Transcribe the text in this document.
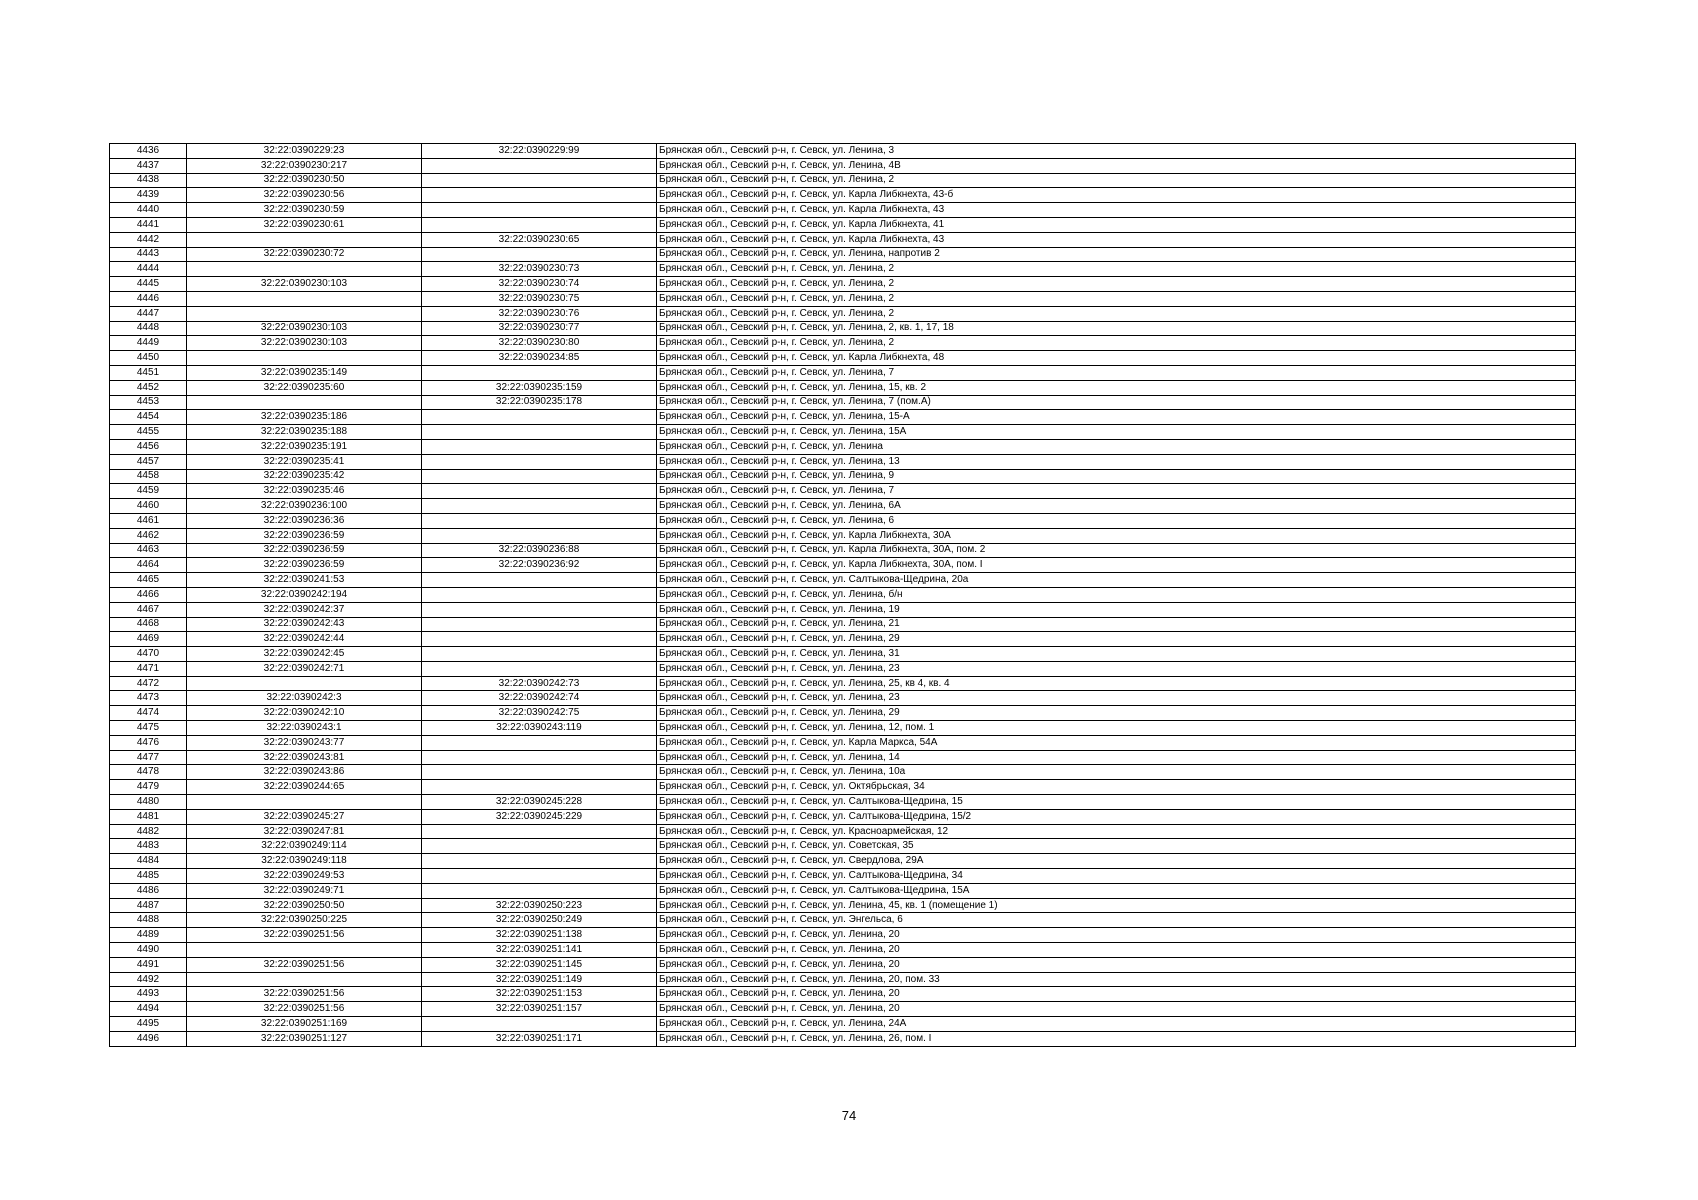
4436	32:22:0390229:23	32:22:0390229:99	Брянская обл., Севский р-н, г. Севск, ул. Ленина, 3
4437	32:22:0390230:217		Брянская обл., Севский р-н, г. Севск, ул. Ленина, 4В
4438	32:22:0390230:50		Брянская обл., Севский р-н, г. Севск, ул. Ленина, 2
4439	32:22:0390230:56		Брянская обл., Севский р-н, г. Севск, ул. Карла Либкнехта, 43-б
4440	32:22:0390230:59		Брянская обл., Севский р-н, г. Севск, ул. Карла Либкнехта, 43
4441	32:22:0390230:61		Брянская обл., Севский р-н, г. Севск, ул. Карла Либкнехта, 41
4442		32:22:0390230:65	Брянская обл., Севский р-н, г. Севск, ул. Карла Либкнехта, 43
4443	32:22:0390230:72		Брянская обл., Севский р-н, г. Севск, ул. Ленина, напротив 2
4444		32:22:0390230:73	Брянская обл., Севский р-н, г. Севск, ул. Ленина, 2
4445	32:22:0390230:103	32:22:0390230:74	Брянская обл., Севский р-н, г. Севск, ул. Ленина, 2
4446		32:22:0390230:75	Брянская обл., Севский р-н, г. Севск, ул. Ленина, 2
4447		32:22:0390230:76	Брянская обл., Севский р-н, г. Севск, ул. Ленина, 2
4448	32:22:0390230:103	32:22:0390230:77	Брянская обл., Севский р-н, г. Севск, ул. Ленина, 2, кв. 1, 17, 18
4449	32:22:0390230:103	32:22:0390230:80	Брянская обл., Севский р-н, г. Севск, ул. Ленина, 2
4450		32:22:0390234:85	Брянская обл., Севский р-н, г. Севск, ул. Карла Либкнехта, 48
4451	32:22:0390235:149		Брянская обл., Севский р-н, г. Севск, ул. Ленина, 7
4452	32:22:0390235:60	32:22:0390235:159	Брянская обл., Севский р-н, г. Севск, ул. Ленина, 15, кв. 2
4453		32:22:0390235:178	Брянская обл., Севский р-н, г. Севск, ул. Ленина, 7 (пом.А)
4454	32:22:0390235:186		Брянская обл., Севский р-н, г. Севск, ул. Ленина, 15-А
4455	32:22:0390235:188		Брянская обл., Севский р-н, г. Севск, ул. Ленина, 15А
4456	32:22:0390235:191		Брянская обл., Севский р-н, г. Севск, ул. Ленина
4457	32:22:0390235:41		Брянская обл., Севский р-н, г. Севск, ул. Ленина, 13
4458	32:22:0390235:42		Брянская обл., Севский р-н, г. Севск, ул. Ленина, 9
4459	32:22:0390235:46		Брянская обл., Севский р-н, г. Севск, ул. Ленина, 7
4460	32:22:0390236:100		Брянская обл., Севский р-н, г. Севск, ул. Ленина, 6А
4461	32:22:0390236:36		Брянская обл., Севский р-н, г. Севск, ул. Ленина, 6
4462	32:22:0390236:59		Брянская обл., Севский р-н, г. Севск, ул. Карла Либкнехта, 30А
4463	32:22:0390236:59	32:22:0390236:88	Брянская обл., Севский р-н, г. Севск, ул. Карла Либкнехта, 30А, пом. 2
4464	32:22:0390236:59	32:22:0390236:92	Брянская обл., Севский р-н, г. Севск, ул. Карла Либкнехта, 30А, пом. I
4465	32:22:0390241:53		Брянская обл., Севский р-н, г. Севск, ул. Салтыкова-Щедрина, 20а
4466	32:22:0390242:194		Брянская обл., Севский р-н, г. Севск, ул. Ленина, б/н
4467	32:22:0390242:37		Брянская обл., Севский р-н, г. Севск, ул. Ленина, 19
4468	32:22:0390242:43		Брянская обл., Севский р-н, г. Севск, ул. Ленина, 21
4469	32:22:0390242:44		Брянская обл., Севский р-н, г. Севск, ул. Ленина, 29
4470	32:22:0390242:45		Брянская обл., Севский р-н, г. Севск, ул. Ленина, 31
4471	32:22:0390242:71		Брянская обл., Севский р-н, г. Севск, ул. Ленина, 23
4472		32:22:0390242:73	Брянская обл., Севский р-н, г. Севск, ул. Ленина, 25, кв 4, кв. 4
4473	32:22:0390242:3	32:22:0390242:74	Брянская обл., Севский р-н, г. Севск, ул. Ленина, 23
4474	32:22:0390242:10	32:22:0390242:75	Брянская обл., Севский р-н, г. Севск, ул. Ленина, 29
4475	32:22:0390243:1	32:22:0390243:119	Брянская обл., Севский р-н, г. Севск, ул. Ленина, 12, пом. 1
4476	32:22:0390243:77		Брянская обл., Севский р-н, г. Севск, ул. Карла Маркса, 54А
4477	32:22:0390243:81		Брянская обл., Севский р-н, г. Севск, ул. Ленина, 14
4478	32:22:0390243:86		Брянская обл., Севский р-н, г. Севск, ул. Ленина, 10а
4479	32:22:0390244:65		Брянская обл., Севский р-н, г. Севск, ул. Октябрьская, 34
4480		32:22:0390245:228	Брянская обл., Севский р-н, г. Севск, ул. Салтыкова-Щедрина, 15
4481	32:22:0390245:27	32:22:0390245:229	Брянская обл., Севский р-н, г. Севск, ул. Салтыкова-Щедрина, 15/2
4482	32:22:0390247:81		Брянская обл., Севский р-н, г. Севск, ул. Красноармейская, 12
4483	32:22:0390249:114		Брянская обл., Севский р-н, г. Севск, ул. Советская, 35
4484	32:22:0390249:118		Брянская обл., Севский р-н, г. Севск, ул. Свердлова, 29А
4485	32:22:0390249:53		Брянская обл., Севский р-н, г. Севск, ул. Салтыкова-Щедрина, 34
4486	32:22:0390249:71		Брянская обл., Севский р-н, г. Севск, ул. Салтыкова-Щедрина, 15А
4487	32:22:0390250:50	32:22:0390250:223	Брянская обл., Севский р-н, г. Севск, ул. Ленина, 45, кв. 1 (помещение 1)
4488	32:22:0390250:225	32:22:0390250:249	Брянская обл., Севский р-н, г. Севск, ул. Энгельса, 6
4489	32:22:0390251:56	32:22:0390251:138	Брянская обл., Севский р-н, г. Севск, ул. Ленина, 20
4490		32:22:0390251:141	Брянская обл., Севский р-н, г. Севск, ул. Ленина, 20
4491	32:22:0390251:56	32:22:0390251:145	Брянская обл., Севский р-н, г. Севск, ул. Ленина, 20
4492		32:22:0390251:149	Брянская обл., Севский р-н, г. Севск, ул. Ленина, 20, пом. 33
4493	32:22:0390251:56	32:22:0390251:153	Брянская обл., Севский р-н, г. Севск, ул. Ленина, 20
4494	32:22:0390251:56	32:22:0390251:157	Брянская обл., Севский р-н, г. Севск, ул. Ленина, 20
4495	32:22:0390251:169		Брянская обл., Севский р-н, г. Севск, ул. Ленина, 24А
4496	32:22:0390251:127	32:22:0390251:171	Брянская обл., Севский р-н, г. Севск, ул. Ленина, 26, пом. I
74
